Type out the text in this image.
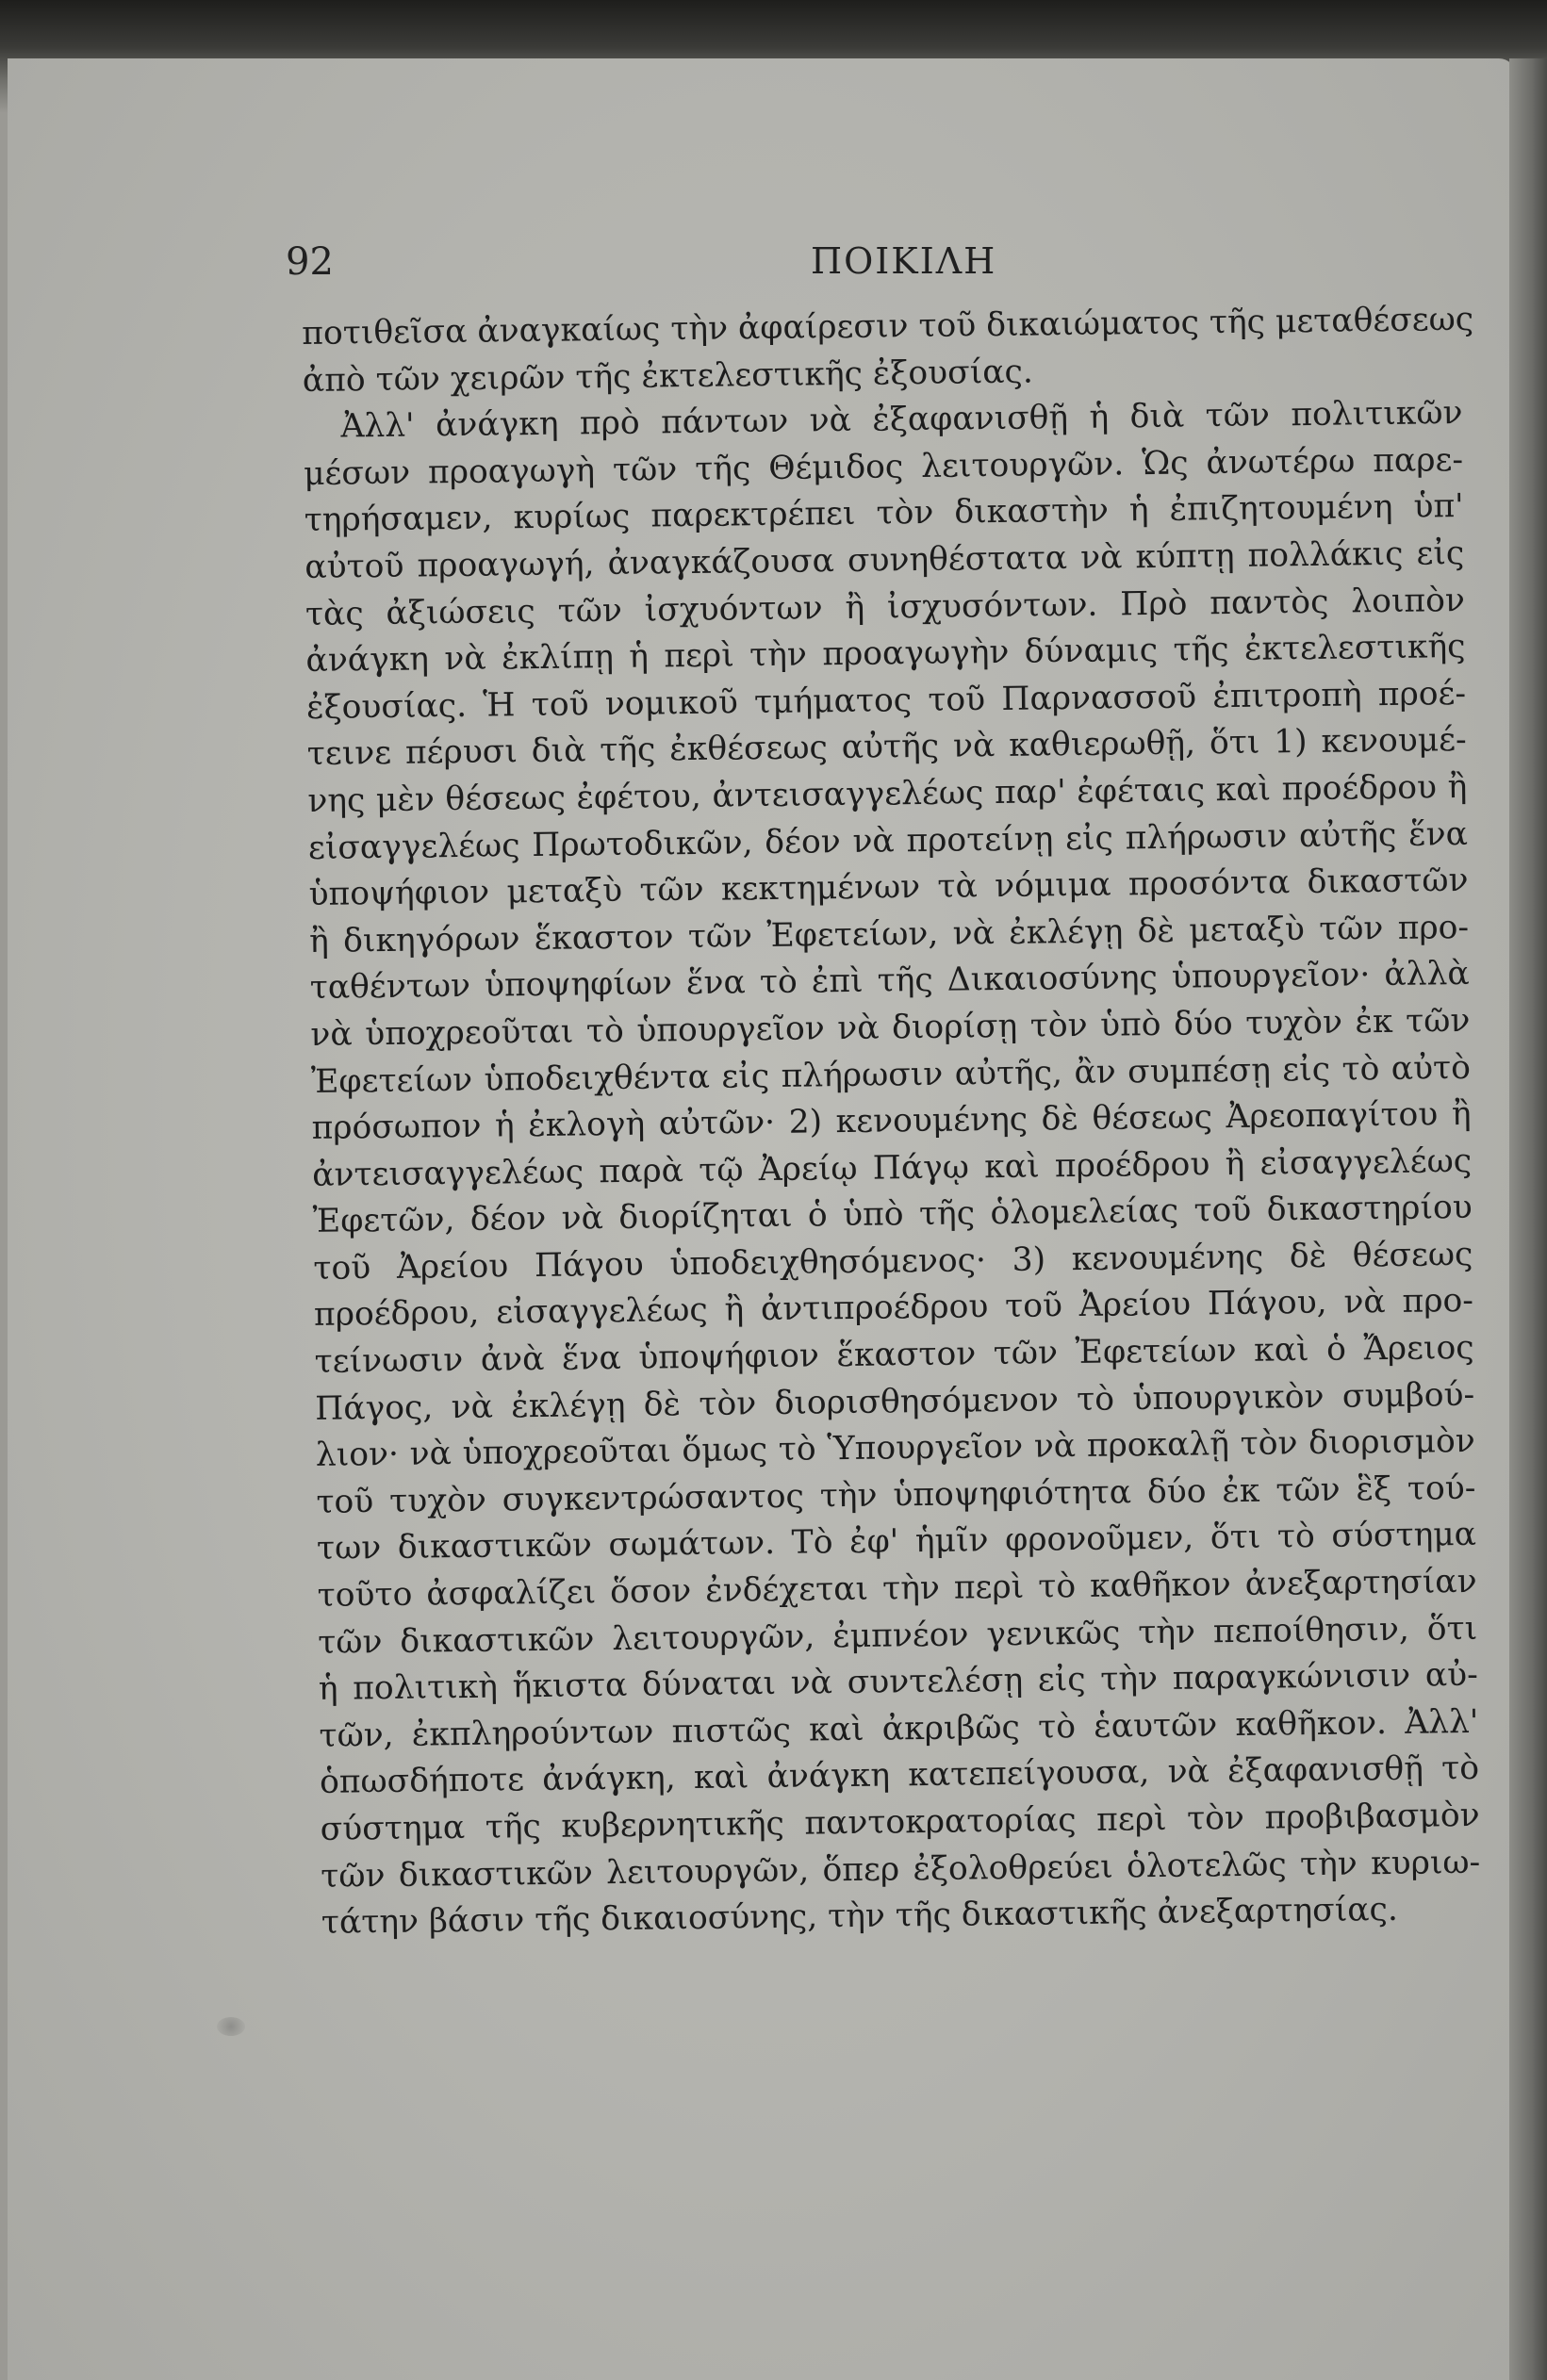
92	ΠΟΙΚΙΛΗ
ποτιθεῖσα ἀναγκαίως τὴν ἀφαίρεσιν τοῦ δικαιώματος τῆς μεταθέσεως
ἀπὸ τῶν χειρῶν τῆς ἐκτελεστικῆς ἐξουσίας.
Ἀλλ' ἀνάγκη πρὸ πάντων νὰ ἐξαφανισθῇ ἡ διὰ τῶν πολιτικῶν
μέσων προαγωγὴ τῶν τῆς Θέμιδος λειτουργῶν. Ὡς ἀνωτέρω παρε-
τηρήσαμεν, κυρίως παρεκτρέπει τὸν δικαστὴν ἡ ἐπιζητουμένη ὑπ'
αὐτοῦ προαγωγή, ἀναγκάζουσα συνηθέστατα νὰ κύπτῃ πολλάκις εἰς
τὰς ἀξιώσεις τῶν ἰσχυόντων ἢ ἰσχυσόντων. Πρὸ παντὸς λοιπὸν
ἀνάγκη νὰ ἐκλίπῃ ἡ περὶ τὴν προαγωγὴν δύναμις τῆς ἐκτελεστικῆς
ἐξουσίας. Ἡ τοῦ νομικοῦ τμήματος τοῦ Παρνασσοῦ ἐπιτροπὴ προέ-
τεινε πέρυσι διὰ τῆς ἐκθέσεως αὐτῆς νὰ καθιερωθῇ, ὅτι 1) κενουμέ-
νης μὲν θέσεως ἐφέτου, ἀντεισαγγελέως παρ' ἐφέταις καὶ προέδρου ἢ
εἰσαγγελέως Πρωτοδικῶν, δέον νὰ προτείνῃ εἰς πλήρωσιν αὐτῆς ἕνα
ὑποψήφιον μεταξὺ τῶν κεκτημένων τὰ νόμιμα προσόντα δικαστῶν
ἢ δικηγόρων ἕκαστον τῶν Ἐφετείων, νὰ ἐκλέγῃ δὲ μεταξὺ τῶν προ-
ταθέντων ὑποψηφίων ἕνα τὸ ἐπὶ τῆς Δικαιοσύνης ὑπουργεῖον· ἀλλὰ
νὰ ὑποχρεοῦται τὸ ὑπουργεῖον νὰ διορίσῃ τὸν ὑπὸ δύο τυχὸν ἐκ τῶν
Ἐφετείων ὑποδειχθέντα εἰς πλήρωσιν αὐτῆς, ἂν συμπέσῃ εἰς τὸ αὐτὸ
πρόσωπον ἡ ἐκλογὴ αὐτῶν· 2) κενουμένης δὲ θέσεως Ἀρεοπαγίτου ἢ
ἀντεισαγγελέως παρὰ τῷ Ἀρείῳ Πάγῳ καὶ προέδρου ἢ εἰσαγγελέως
Ἐφετῶν, δέον νὰ διορίζηται ὁ ὑπὸ τῆς ὁλομελείας τοῦ δικαστηρίου
τοῦ Ἀρείου Πάγου ὑποδειχθησόμενος· 3) κενουμένης δὲ θέσεως
προέδρου, εἰσαγγελέως ἢ ἀντιπροέδρου τοῦ Ἀρείου Πάγου, νὰ προ-
τείνωσιν ἀνὰ ἕνα ὑποψήφιον ἕκαστον τῶν Ἐφετείων καὶ ὁ Ἄρειος
Πάγος, νὰ ἐκλέγῃ δὲ τὸν διορισθησόμενον τὸ ὑπουργικὸν συμβού-
λιον· νὰ ὑποχρεοῦται ὅμως τὸ Ὑπουργεῖον νὰ προκαλῇ τὸν διορισμὸν
τοῦ τυχὸν συγκεντρώσαντος τὴν ὑποψηφιότητα δύο ἐκ τῶν ἓξ τού-
των δικαστικῶν σωμάτων. Τὸ ἐφ' ἡμῖν φρονοῦμεν, ὅτι τὸ σύστημα
τοῦτο ἀσφαλίζει ὅσον ἐνδέχεται τὴν περὶ τὸ καθῆκον ἀνεξαρτησίαν
τῶν δικαστικῶν λειτουργῶν, ἐμπνέον γενικῶς τὴν πεποίθησιν, ὅτι
ἡ πολιτικὴ ἥκιστα δύναται νὰ συντελέσῃ εἰς τὴν παραγκώνισιν αὐ-
τῶν, ἐκπληρούντων πιστῶς καὶ ἀκριβῶς τὸ ἑαυτῶν καθῆκον. Ἀλλ'
ὁπωσδήποτε ἀνάγκη, καὶ ἀνάγκη κατεπείγουσα, νὰ ἐξαφανισθῇ τὸ
σύστημα τῆς κυβερνητικῆς παντοκρατορίας περὶ τὸν προβιβασμὸν
τῶν δικαστικῶν λειτουργῶν, ὅπερ ἐξολοθρεύει ὁλοτελῶς τὴν κυριω-
τάτην βάσιν τῆς δικαιοσύνης, τὴν τῆς δικαστικῆς ἀνεξαρτησίας.
